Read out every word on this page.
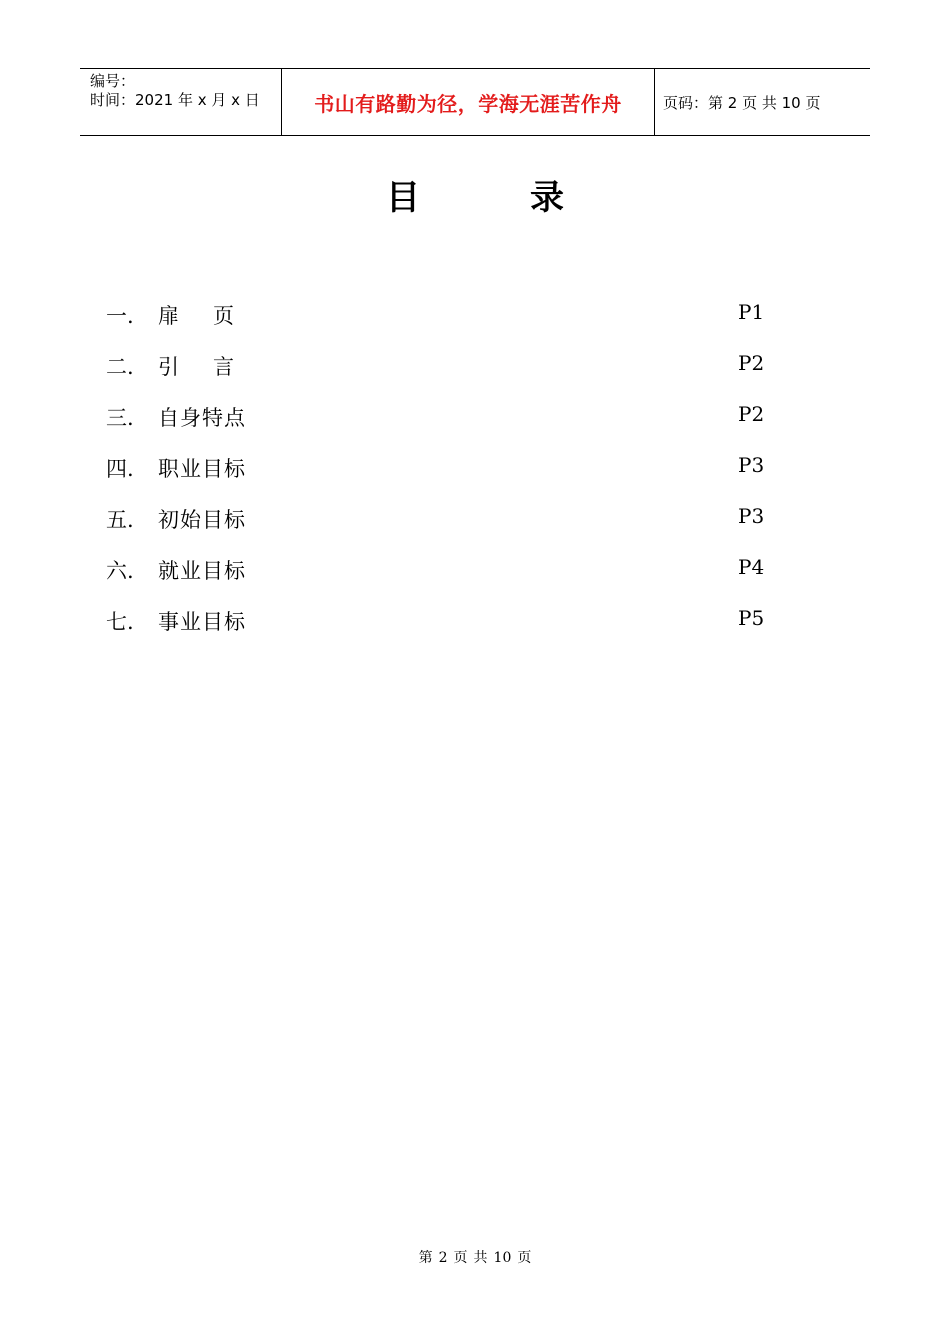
编号：
时间：2021 年 x 月 x 日	书山有路勤为径，学海无涯苦作舟	页码：第 2 页 共 10 页
目	录
一. 扉页	P1
二. 引言	P2
三. 自身特点	P2
四. 职业目标	P3
五. 初始目标	P3
六. 就业目标	P4
七. 事业目标	P5
第 2 页 共 10 页
